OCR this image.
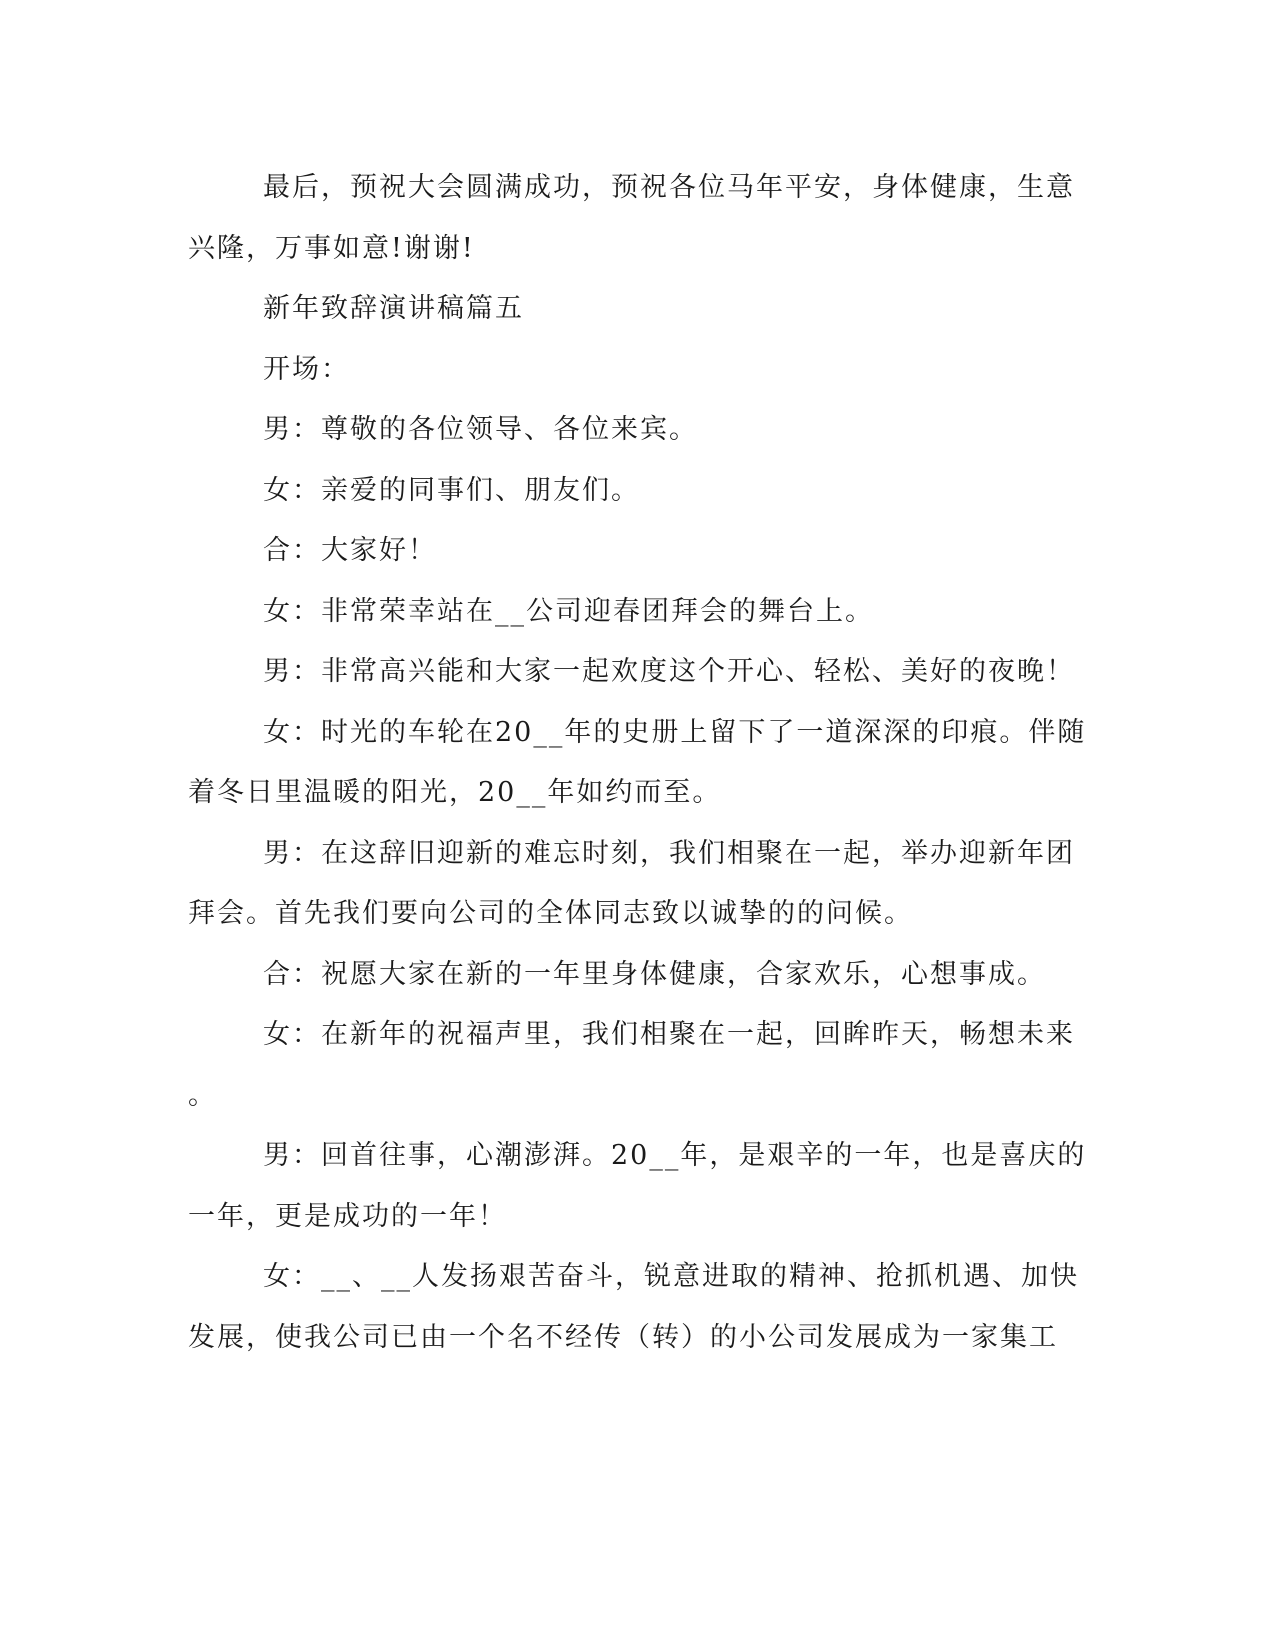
最后，预祝大会圆满成功，预祝各位马年平安，身体健康，生意
兴隆，万事如意!谢谢!
新年致辞演讲稿篇五
开场：
男：尊敬的各位领导、各位来宾。
女：亲爱的同事们、朋友们。
合：大家好！
女：非常荣幸站在__公司迎春团拜会的舞台上。
男：非常高兴能和大家一起欢度这个开心、轻松、美好的夜晚！
女：时光的车轮在20__年的史册上留下了一道深深的印痕。伴随
着冬日里温暖的阳光，20__年如约而至。
男：在这辞旧迎新的难忘时刻，我们相聚在一起，举办迎新年团
拜会。首先我们要向公司的全体同志致以诚挚的的问候。
合：祝愿大家在新的一年里身体健康，合家欢乐，心想事成。
女：在新年的祝福声里，我们相聚在一起，回眸昨天，畅想未来
。
男：回首往事，心潮澎湃。20__年，是艰辛的一年，也是喜庆的
一年，更是成功的一年！
女：__、__人发扬艰苦奋斗，锐意进取的精神、抢抓机遇、加快
发展，使我公司已由一个名不经传（转）的小公司发展成为一家集工
